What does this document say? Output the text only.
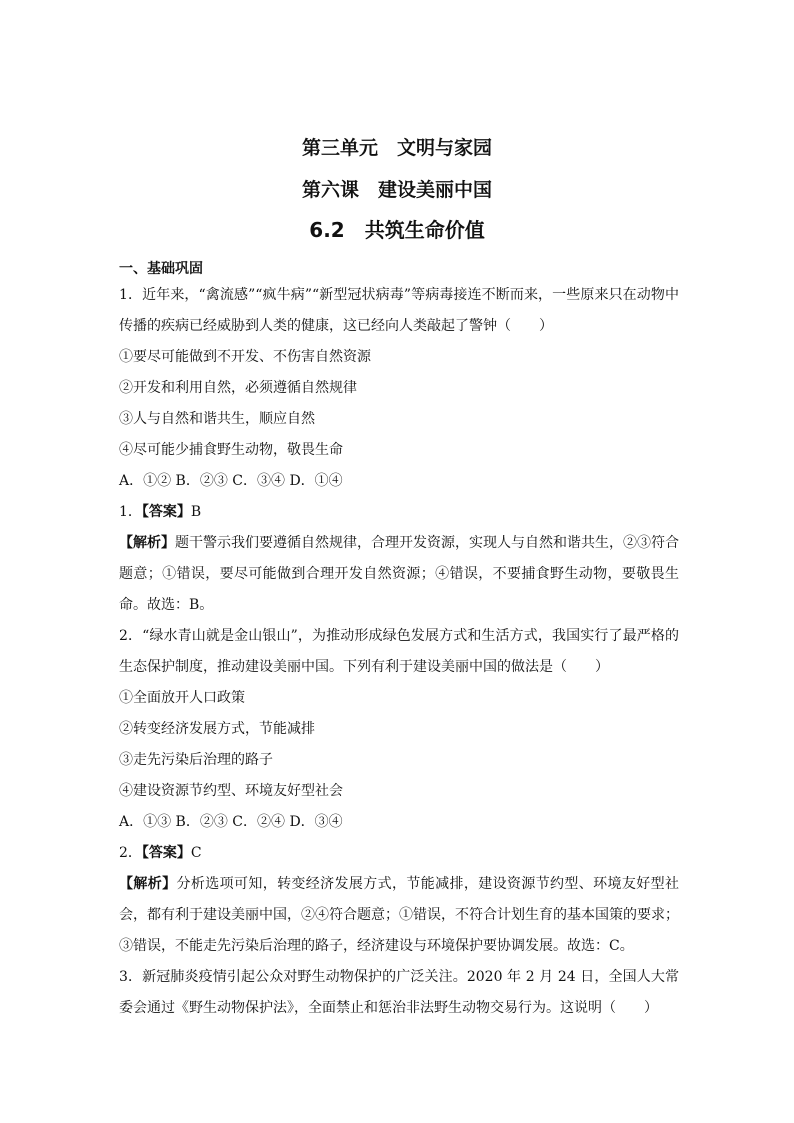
第三单元　文明与家园
第六课　建设美丽中国
6.2　共筑生命价值
一、基础巩固

1．近年来，“禽流感”“疯牛病”“新型冠状病毒”等病毒接连不断而来，一些原来只在动物中传播的疾病已经威胁到人类的健康，这已经向人类敲起了警钟（　　）

①要尽可能做到不开发、不伤害自然资源

②开发和利用自然，必须遵循自然规律

③人与自然和谐共生，顺应自然

④尽可能少捕食野生动物，敬畏生命

A．①② B．②③ C．③④ D．①④

1．【答案】B

【解析】题干警示我们要遵循自然规律，合理开发资源，实现人与自然和谐共生，②③符合题意；①错误，要尽可能做到合理开发自然资源；④错误，不要捕食野生动物，要敬畏生命。故选：B。

2．“绿水青山就是金山银山”，为推动形成绿色发展方式和生活方式，我国实行了最严格的生态保护制度，推动建设美丽中国。下列有利于建设美丽中国的做法是（　　）

①全面放开人口政策

②转变经济发展方式，节能减排

③走先污染后治理的路子

④建设资源节约型、环境友好型社会

A．①③ B．②③ C．②④ D．③④

2．【答案】C

【解析】分析选项可知，转变经济发展方式，节能减排，建设资源节约型、环境友好型社会，都有利于建设美丽中国，②④符合题意；①错误，不符合计划生育的基本国策的要求；③错误，不能走先污染后治理的路子，经济建设与环境保护要协调发展。故选：C。

3．新冠肺炎疫情引起公众对野生动物保护的广泛关注。2020 年 2 月 24 日，全国人大常委会通过《野生动物保护法》，全面禁止和惩治非法野生动物交易行为。这说明（　　）
